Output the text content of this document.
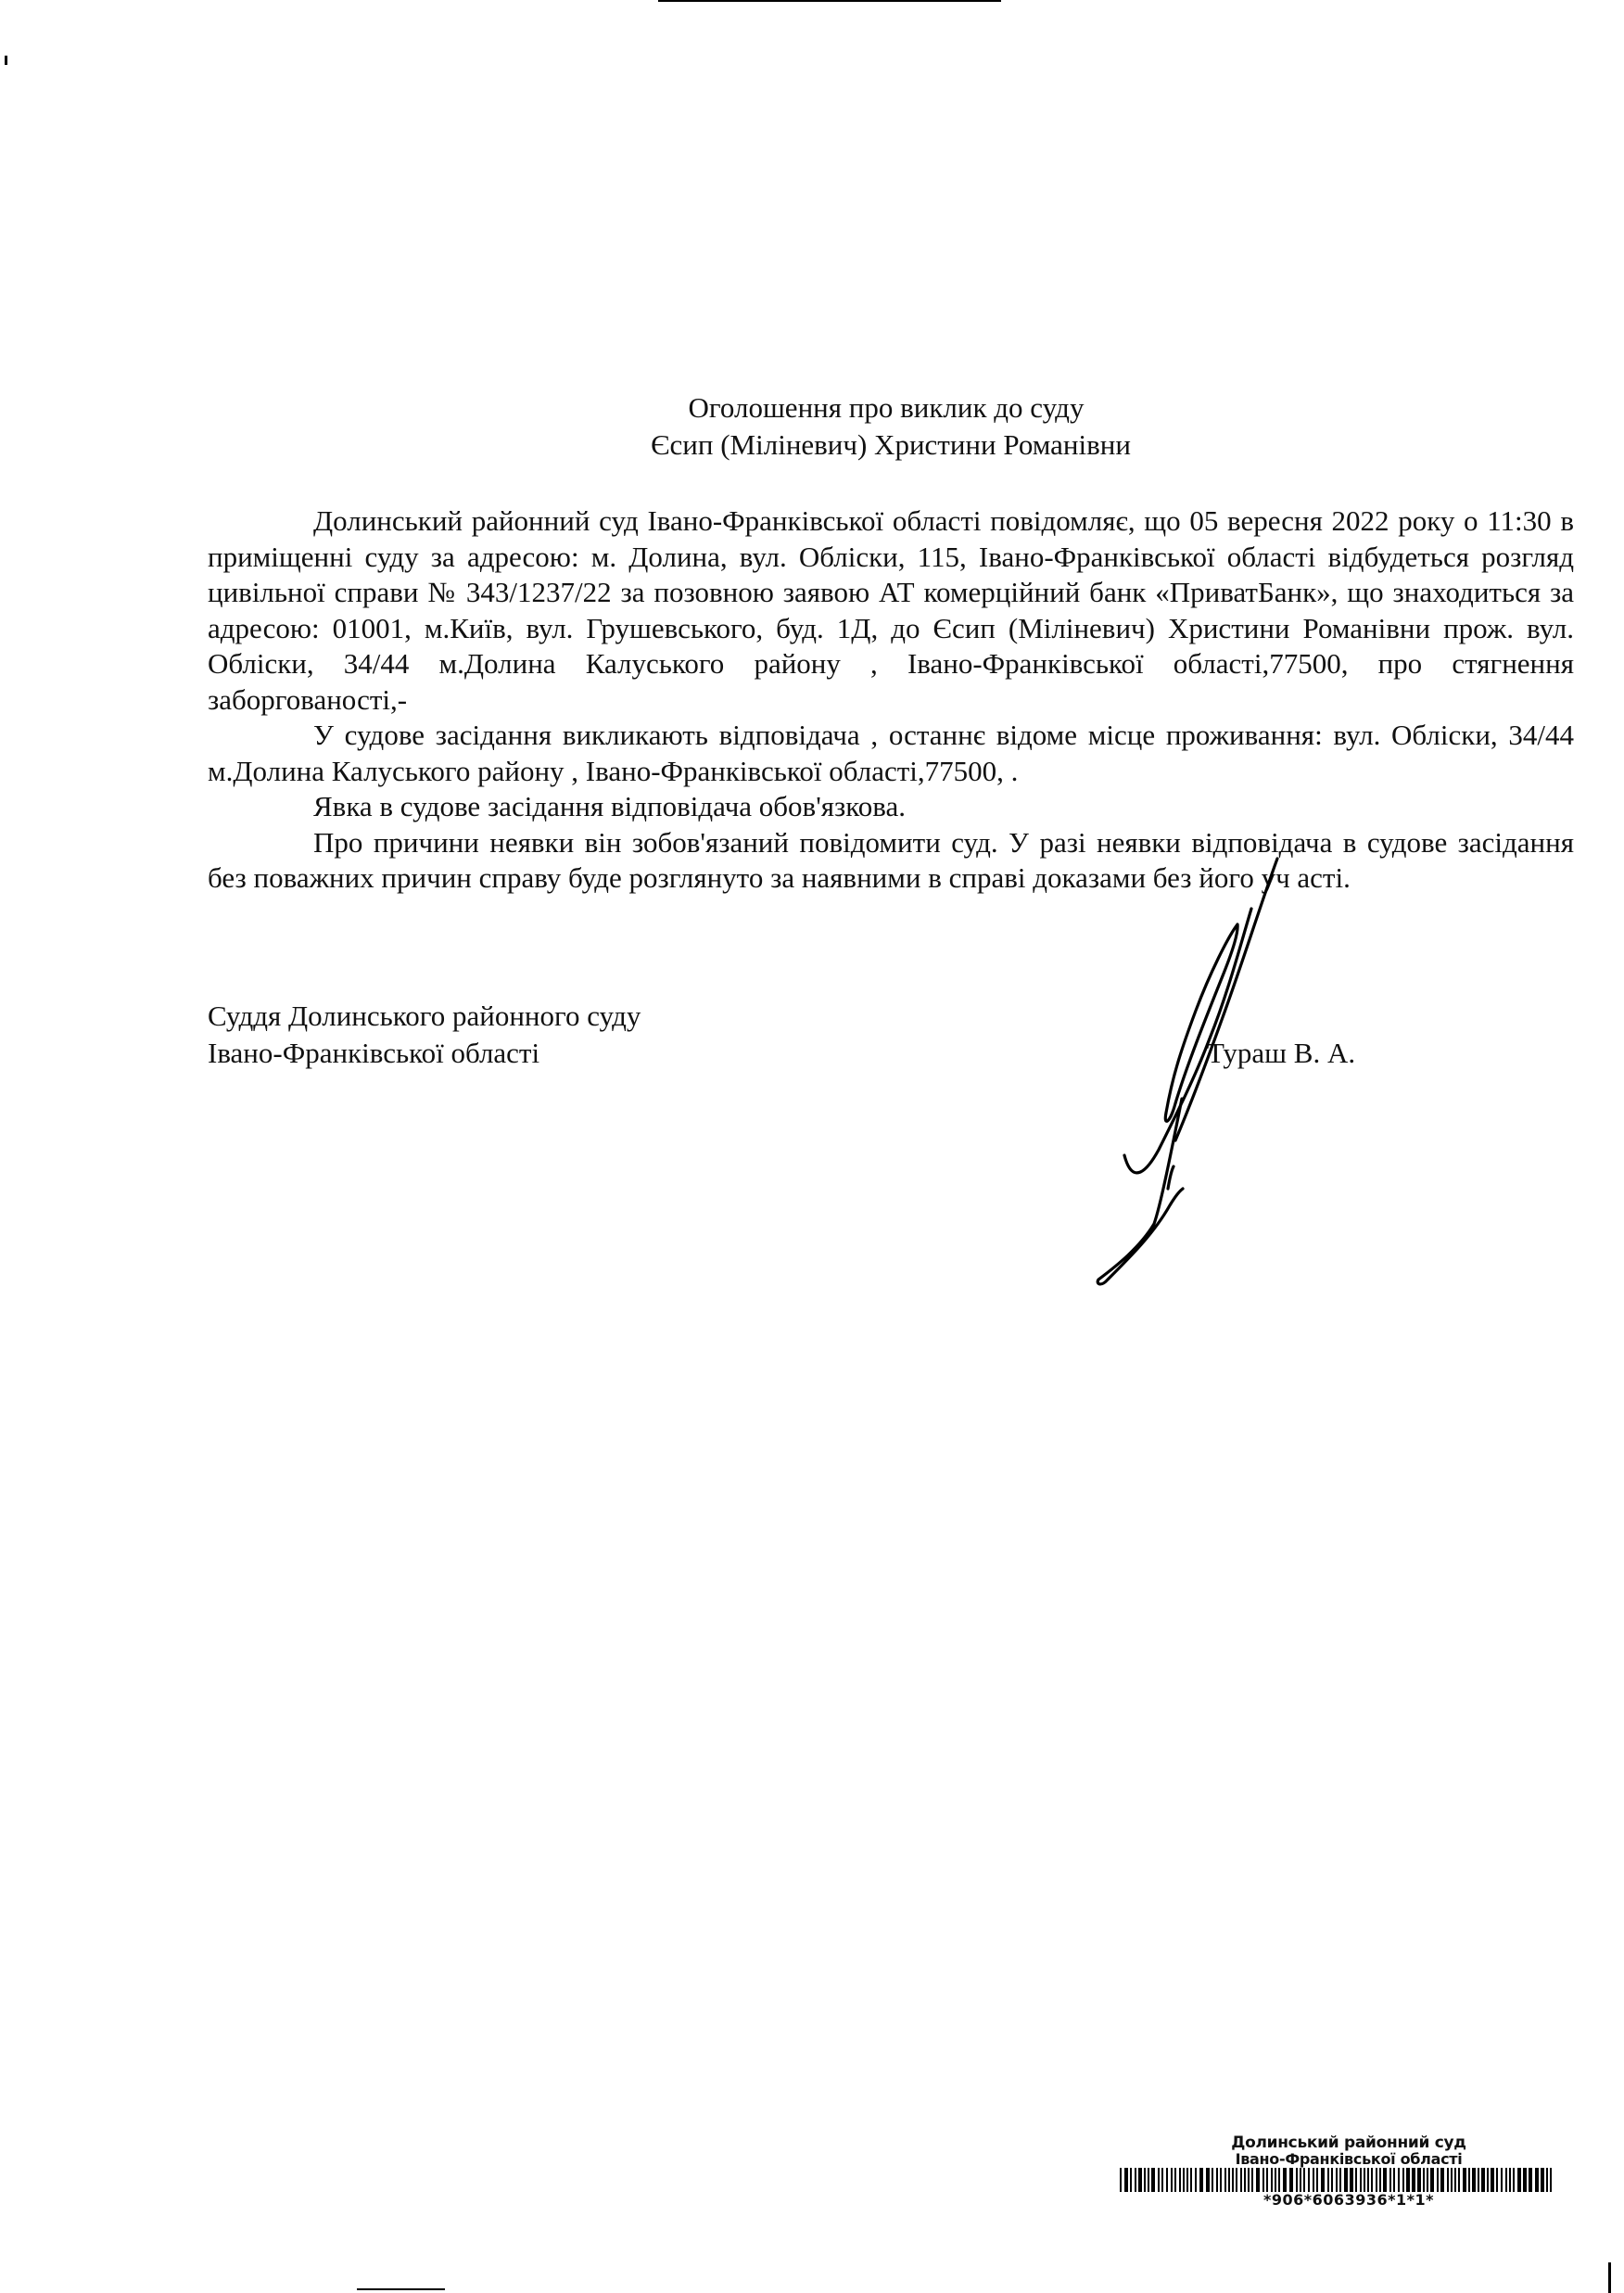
Оголошення про виклик до суду
Єсип (Міліневич) Христини Романівни

Долинський районний суд Івано-Франківської області повідомляє, що 05 вересня 2022 року о 11:30 в приміщенні суду за адресою: м. Долина, вул. Обліски, 115, Івано-Франківської області відбудеться розгляд цивільної справи № 343/1237/22 за позовною заявою АТ комерційний банк «ПриватБанк», що знаходиться за адресою: 01001, м.Київ, вул. Грушевського, буд. 1Д, до Єсип (Міліневич) Христини Романівни прож. вул. Обліски, 34/44 м.Долина Калуського району , Івано-Франківської області,77500, про стягнення заборгованості,-

У судове засідання викликають відповідача , останнє відоме місце проживання: вул. Обліски, 34/44 м.Долина Калуського району , Івано-Франківської області,77500, .

Явка в судове засідання відповідача обов'язкова.

Про причини неявки він зобов'язаний повідомити суд. У разі неявки відповідача в судове засідання без поважних причин справу буде розглянуто за наявними в справі доказами без його уч асті.

Суддя Долинського районного суду
Івано-Франківської області	Тураш В. А.
Долинський районний суд
Івано-Франківської області
*906*6063936*1*1*
